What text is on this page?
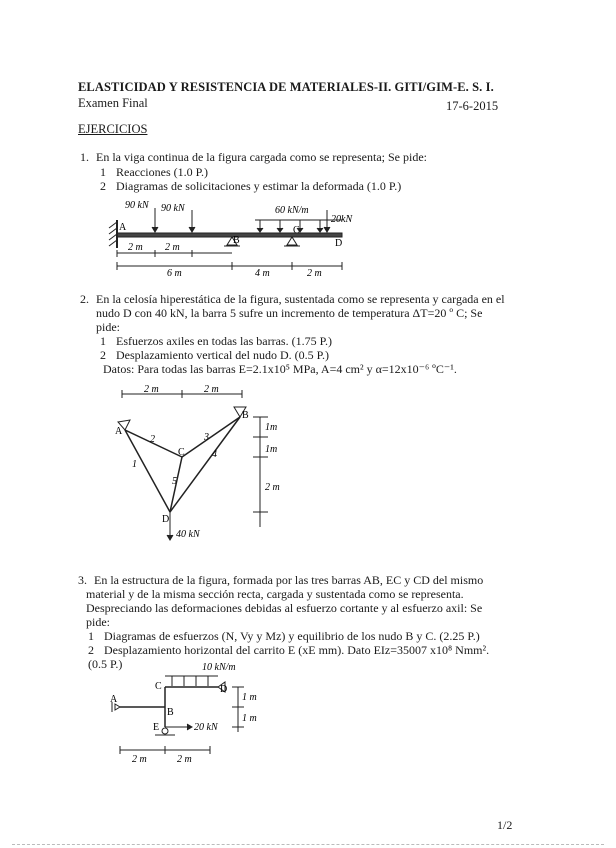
ELASTICIDAD Y RESISTENCIA DE MATERIALES-II. GITI/GIM-E. S. I.
Examen Final	17-6-2015
EJERCICIOS
1. En la viga continua de la figura cargada como se representa; Se pide:
1 Reacciones (1.0 P.)
2 Diagramas de solicitaciones y estimar la deformada (1.0 P.)
90 kN 90 kN	60 kN/m
20kN
A
B
C
D
2 m 2 m
6 m	4 m	2 m
2. En la celosía hiperestática de la figura, sustentada como se representa y cargada en el
nudo D con 40 kN, la barra 5 sufre un incremento de temperatura ΔT=20 º C; Se
pide:
1 Esfuerzos axiles en todas las barras. (1.75 P.)
2 Desplazamiento vertical del nudo D. (0.5 P.)
Datos: Para todas las barras E=2.1x10⁵ MPa, A=4 cm² y α=12x10⁻⁶ ºC⁻¹.
2 m	2 m
1m
1m
2 m
A
B
C
D
1
2	3
4
5
40 kN
3. En la estructura de la figura, formada por las tres barras AB, EC y CD del mismo
material y de la misma sección recta, cargada y sustentada como se representa.
Despreciando las deformaciones debidas al esfuerzo cortante y al esfuerzo axil: Se
pide:
1 Diagramas de esfuerzos (N, Vy y Mz) y equilibrio de los nudo B y C. (2.25 P.)
2 Desplazamiento horizontal del carrito E (xE mm). Dato EIz=35007 x10⁸ Nmm².
(0.5 P.)	10 kN/m
A
B
C	D
E	20 kN
1 m
1 m
2 m	2 m
1/2
